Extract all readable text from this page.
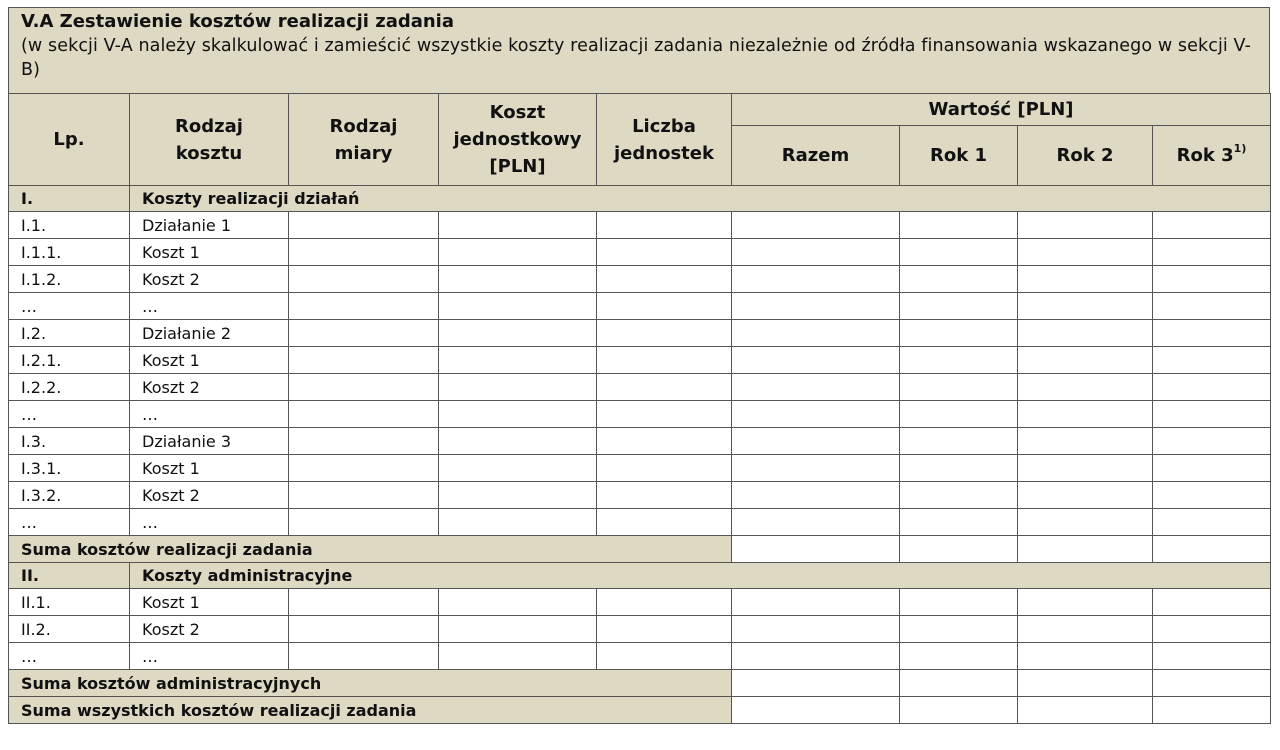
V.A Zestawienie kosztów realizacji zadania
(w sekcji V-A należy skalkulować i zamieścić wszystkie koszty realizacji zadania niezależnie od źródła finansowania wskazanego w sekcji V-B)
Lp.	Rodzaj kosztu	Rodzaj miary	Koszt jednostkowy [PLN]	Liczba jednostek	Wartość [PLN]			
					Razem	Rok 1	Rok 2	Rok 3$^{1)}$
I.	Koszty realizacji działań							
I.1.	Działanie 1							
I.1.1.	Koszt 1							
I.1.2.	Koszt 2							
…	…							
I.2.	Działanie 2							
I.2.1.	Koszt 1							
I.2.2.	Koszt 2							
…	…							
I.3.	Działanie 3							
I.3.1.	Koszt 1							
I.3.2.	Koszt 2							
…	…							
Suma kosztów realizacji zadania								
II.	Koszty administracyjne							
II.1.	Koszt 1							
II.2.	Koszt 2							
…	…							
Suma kosztów administracyjnych								
Suma wszystkich kosztów realizacji zadania								
